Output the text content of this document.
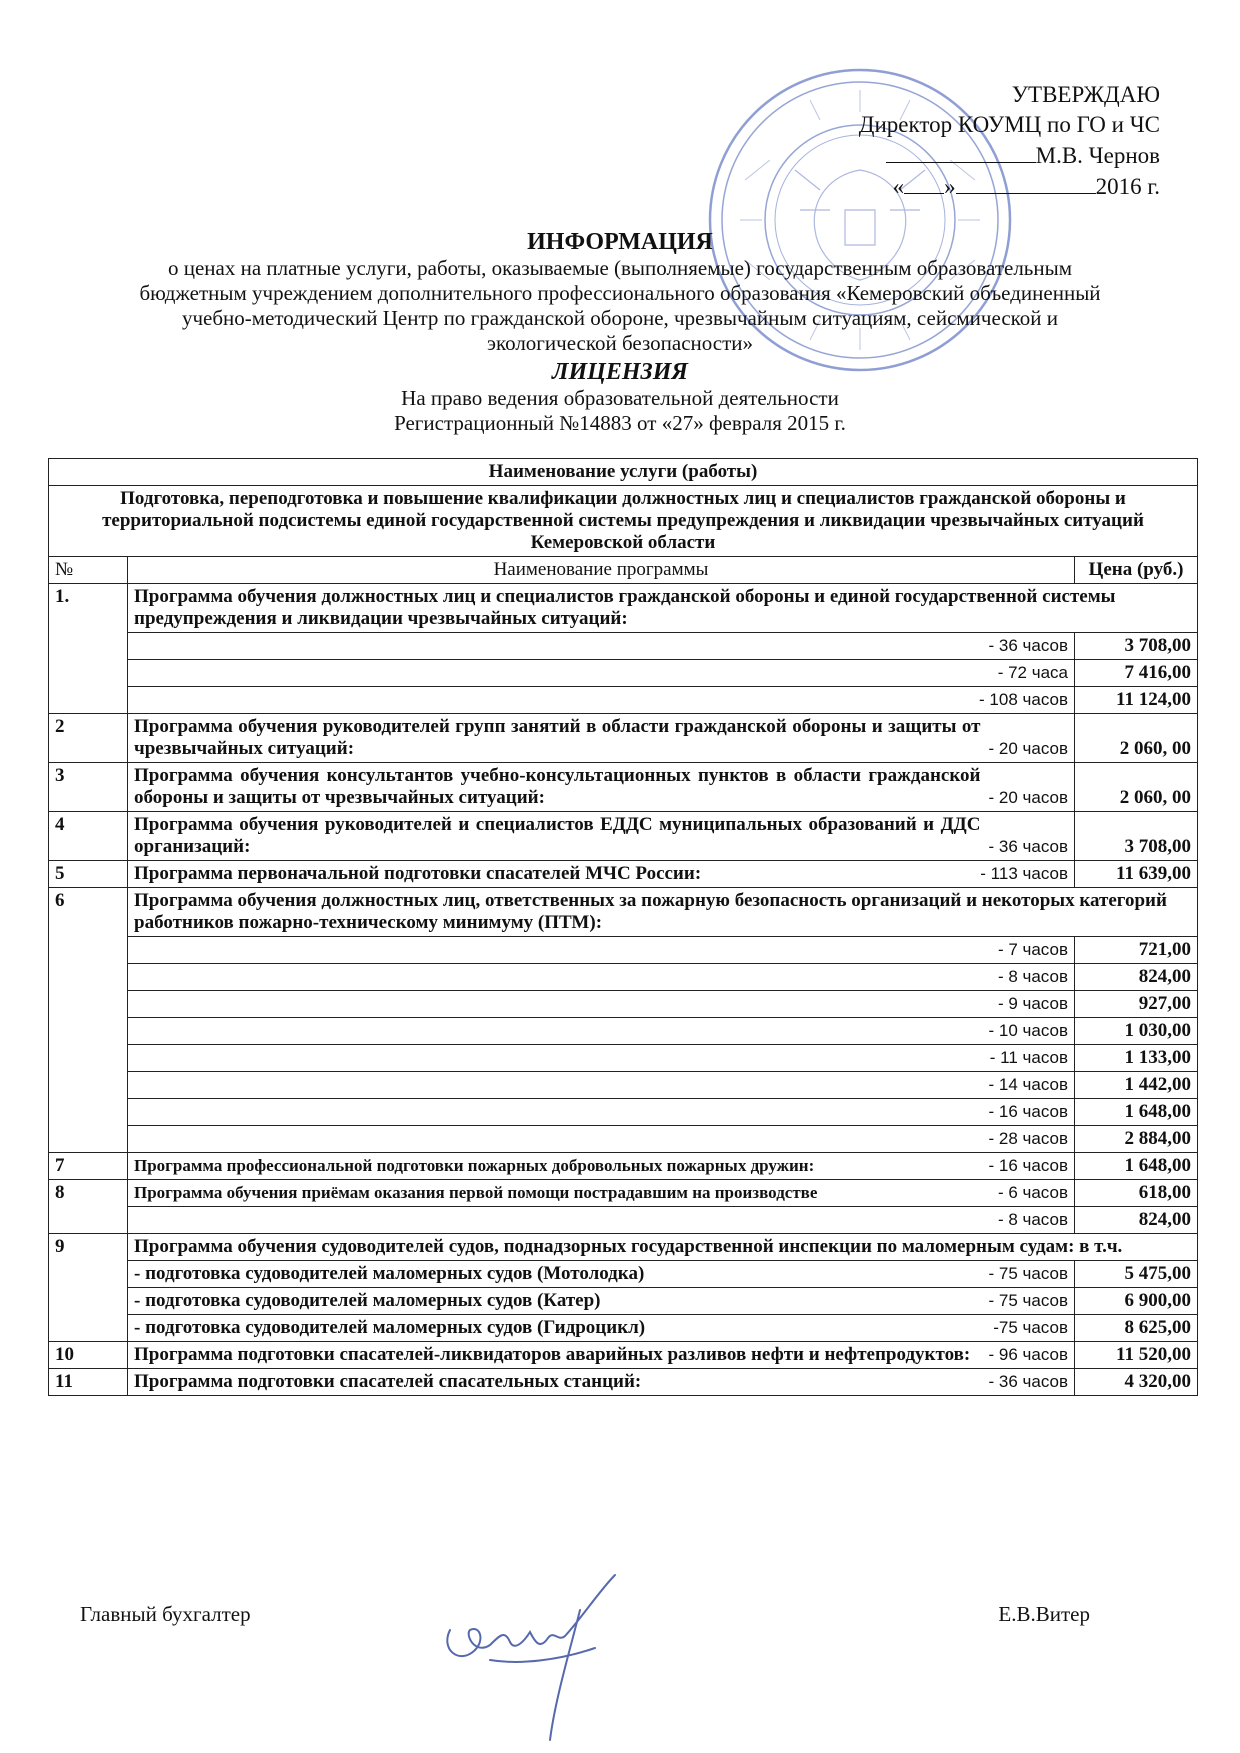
УТВЕРЖДАЮ
Директор КОУМЦ по ГО и ЧС
М.В. Чернов
« »	2016 г.
ИНФОРМАЦИЯ
о ценах на платные услуги, работы, оказываемые (выполняемые) государственным образовательным
бюджетным учреждением дополнительного профессионального образования «Кемеровский объединенный
учебно-методический Центр по гражданской обороне, чрезвычайным ситуациям, сейсмической и
экологической безопасности»
ЛИЦЕНЗИЯ
На право ведения образовательной деятельности
Регистрационный №14883 от «27» февраля 2015 г.
Наименование услуги (работы)		
Подготовка, переподготовка и повышение квалификации должностных лиц и специалистов гражданской обороны и территориальной подсистемы единой государственной системы предупреждения и ликвидации чрезвычайных ситуаций Кемеровской области		
№	Наименование программы	Цена (руб.)
1.	Программа обучения должностных лиц и специалистов гражданской обороны и единой государственной системы предупреждения и ликвидации чрезвычайных ситуаций:	
	- 36 часов	3 708,00
	- 72 часа	7 416,00
	- 108 часов	11 124,00
2	Программа обучения руководителей групп занятий в области гражданской обороны и защиты от чрезвычайных ситуаций: - 20 часов	2 060, 00
3	Программа обучения консультантов учебно-консультационных пунктов в области гражданской обороны и защиты от чрезвычайных ситуаций: - 20 часов	2 060, 00
4	Программа обучения руководителей и специалистов ЕДДС муниципальных образований и ДДС организаций: - 36 часов	3 708,00
5	Программа первоначальной подготовки спасателей МЧС России: - 113 часов	11 639,00
6	Программа обучения должностных лиц, ответственных за пожарную безопасность организаций и некоторых категорий работников пожарно-техническому минимуму (ПТМ):	
	- 7 часов	721,00
	- 8 часов	824,00
	- 9 часов	927,00
	- 10 часов	1 030,00
	- 11 часов	1 133,00
	- 14 часов	1 442,00
	- 16 часов	1 648,00
	- 28 часов	2 884,00
7	Программа профессиональной подготовки пожарных добровольных пожарных дружин: - 16 часов	1 648,00
8	Программа обучения приёмам оказания первой помощи пострадавшим на производстве - 6 часов	618,00
	- 8 часов	824,00
9	Программа обучения судоводителей судов, поднадзорных государственной инспекции по маломерным судам: в т.ч.	

	- подготовка судоводителей маломерных судов (Мотолодка) - 75 часов	5 475,00

	- подготовка судоводителей маломерных судов (Катер) - 75 часов	6 900,00

	- подготовка судоводителей маломерных судов (Гидроцикл) -75 часов	8 625,00
10	Программа подготовки спасателей-ликвидаторов аварийных разливов нефти и нефтепродуктов: - 96 часов	11 520,00
11	Программа подготовки спасателей спасательных станций: - 36 часов	4 320,00
Главный бухгалтер	Е.В.Витер
